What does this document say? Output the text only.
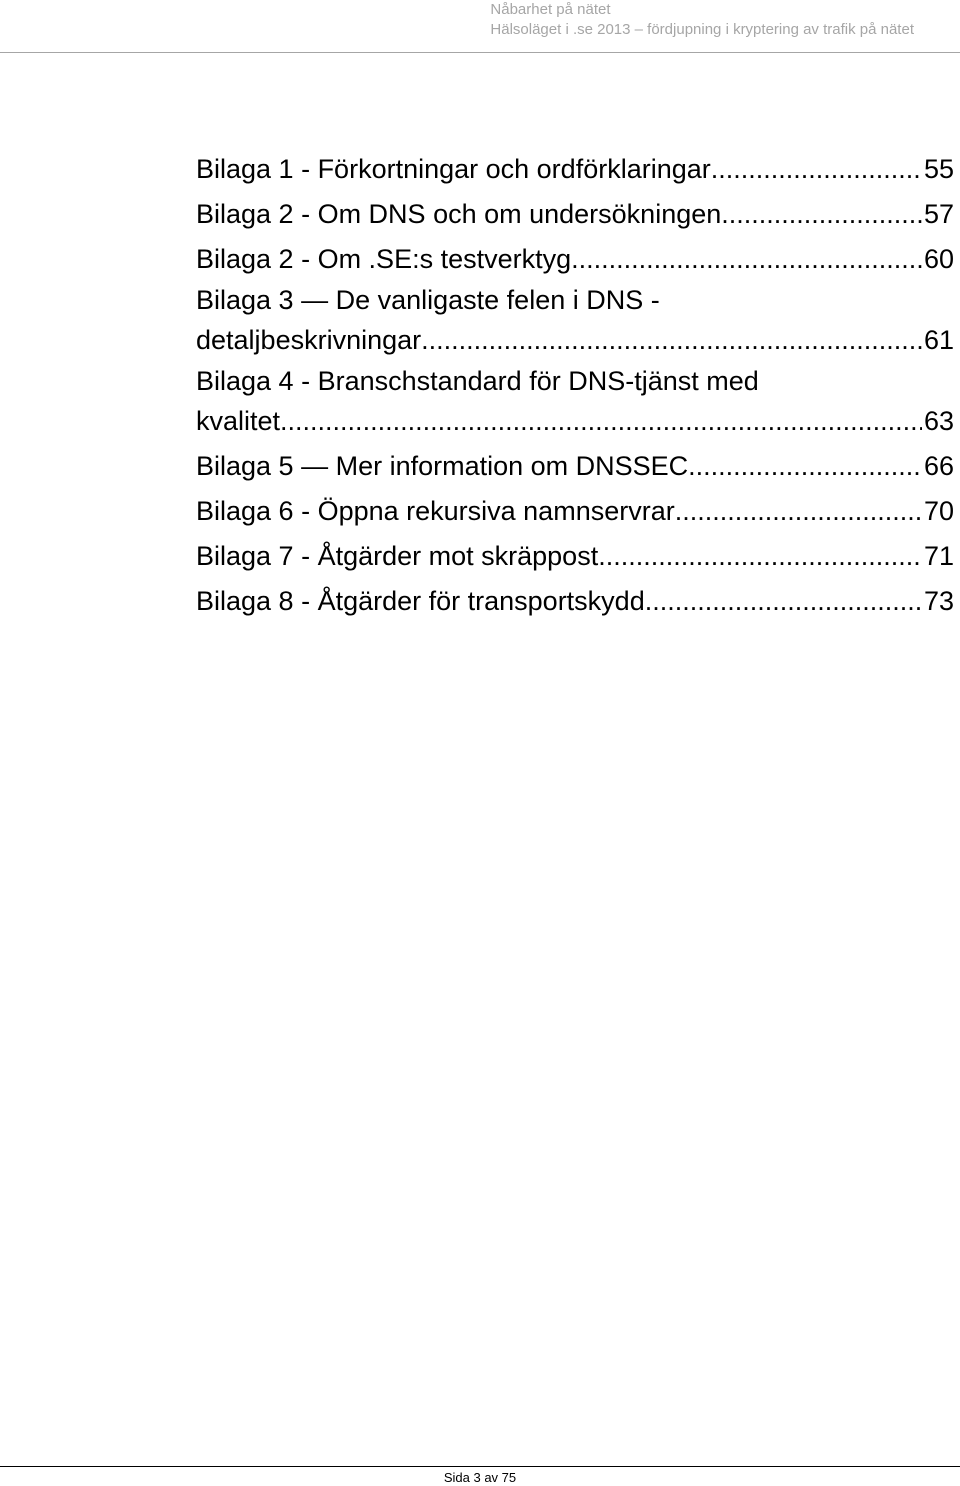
Nåbarhet på nätet
Hälsoläget i .se 2013 – fördjupning i kryptering av trafik på nätet
Bilaga 1 - Förkortningar och ordförklaringar .....	55
Bilaga 2 - Om DNS och om undersökningen .....	57
Bilaga 2 - Om .SE:s testverktyg .....	60
Bilaga 3 — De vanligaste felen i DNS -
detaljbeskrivningar .....	61
Bilaga 4 - Branschstandard för DNS-tjänst med
kvalitet .....	63
Bilaga 5 — Mer information om DNSSEC .....	66
Bilaga 6 - Öppna rekursiva namnservrar .....	70
Bilaga 7 - Åtgärder mot skräppost .....	71
Bilaga 8 - Åtgärder för transportskydd .....	73
Sida 3 av 75
